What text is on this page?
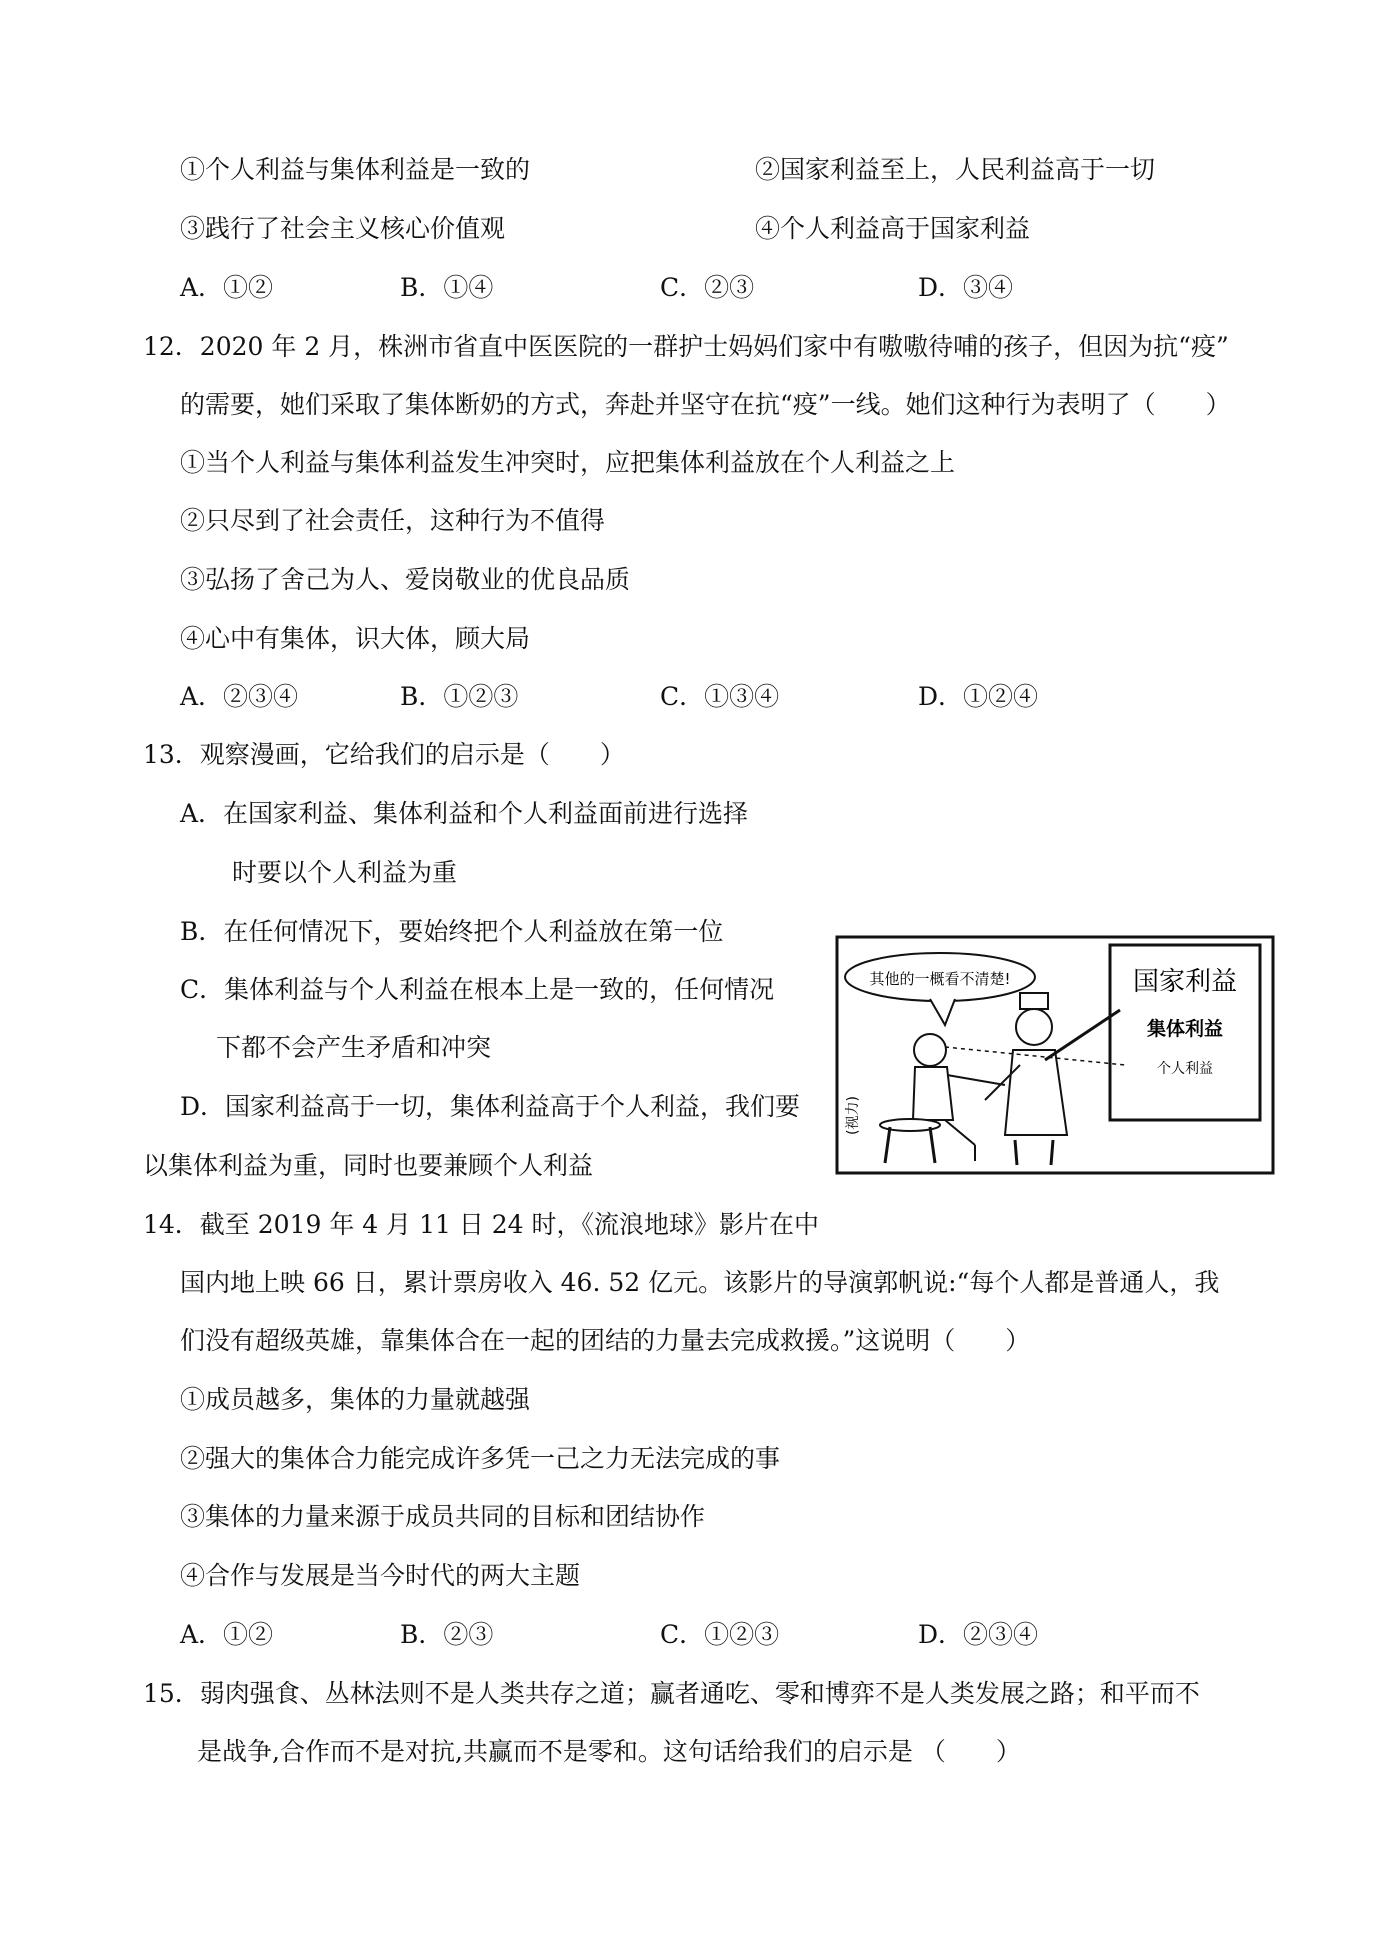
①个人利益与集体利益是一致的	②国家利益至上，人民利益高于一切
③践行了社会主义核心价值观	④个人利益高于国家利益
A．①②	B．①④	C．②③	D．③④
12．2020 年 2 月，株洲市省直中医医院的一群护士妈妈们家中有嗷嗷待哺的孩子，但因为抗“疫”
的需要，她们采取了集体断奶的方式，奔赴并坚守在抗“疫”一线。她们这种行为表明了（　　）
①当个人利益与集体利益发生冲突时，应把集体利益放在个人利益之上
②只尽到了社会责任，这种行为不值得
③弘扬了舍己为人、爱岗敬业的优良品质
④心中有集体，识大体，顾大局
A．②③④	B．①②③	C．①③④	D．①②④
13．观察漫画，它给我们的启示是（　　）
A．在国家利益、集体利益和个人利益面前进行选择
时要以个人利益为重
B．在任何情况下，要始终把个人利益放在第一位
C．集体利益与个人利益在根本上是一致的，任何情况
下都不会产生矛盾和冲突
D．国家利益高于一切，集体利益高于个人利益，我们要
以集体利益为重，同时也要兼顾个人利益
其他的一概看不清楚!	国家利益
集体利益
个人利益
(视力)
14．截至 2019 年 4 月 11 日 24 时，《流浪地球》影片在中
国内地上映 66 日，累计票房收入 46. 52 亿元。该影片的导演郭帆说:“每个人都是普通人，我
们没有超级英雄，靠集体合在一起的团结的力量去完成救援。”这说明（　　）
①成员越多，集体的力量就越强
②强大的集体合力能完成许多凭一己之力无法完成的事
③集体的力量来源于成员共同的目标和团结协作
④合作与发展是当今时代的两大主题
A．①②	B．②③	C．①②③	D．②③④
15．弱肉强食、丛林法则不是人类共存之道；赢者通吃、零和博弈不是人类发展之路；和平而不
是战争,合作而不是对抗,共赢而不是零和。这句话给我们的启示是 （　　）
